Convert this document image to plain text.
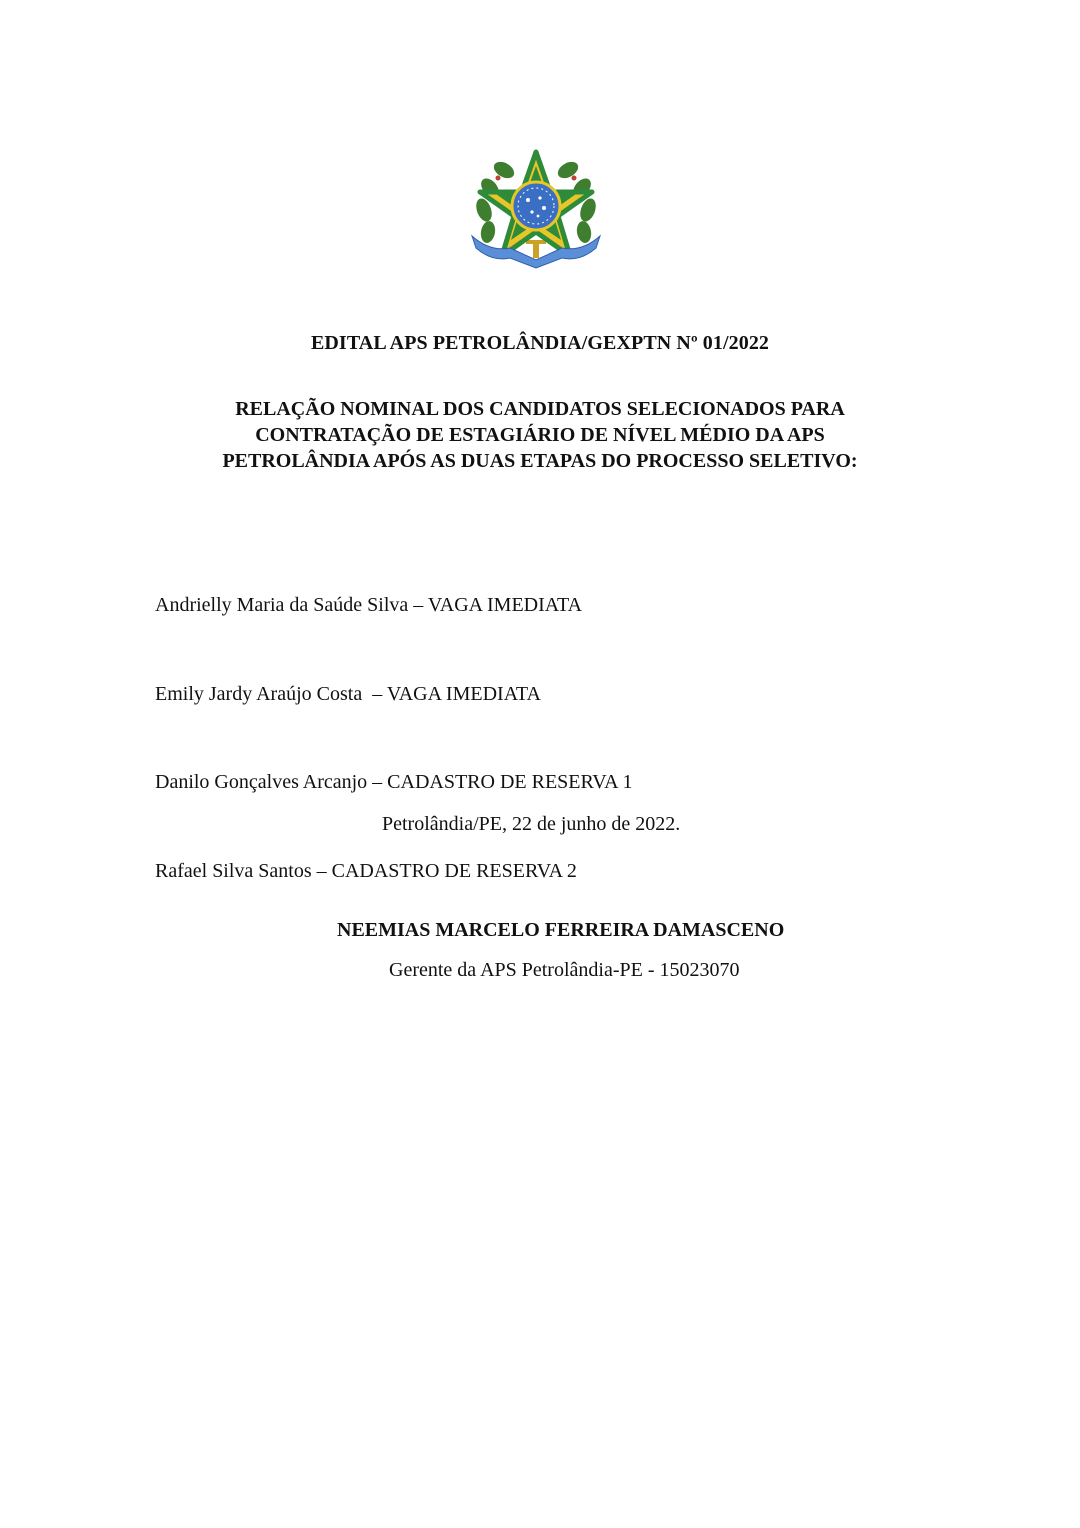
EDITAL APS PETROLÂNDIA/GEXPTN Nº 01/2022
RELAÇÃO NOMINAL DOS CANDIDATOS SELECIONADOS PARA
CONTRATAÇÃO DE ESTAGIÁRIO DE NÍVEL MÉDIO DA APS
PETROLÂNDIA APÓS AS DUAS ETAPAS DO PROCESSO SELETIVO:

Andrielly Maria da Saúde Silva – VAGA IMEDIATA

Emily Jardy Araújo Costa  – VAGA IMEDIATA

Danilo Gonçalves Arcanjo – CADASTRO DE RESERVA 1

Rafael Silva Santos – CADASTRO DE RESERVA 2

Petrolândia/PE, 22 de junho de 2022.
NEEMIAS MARCELO FERREIRA DAMASCENO
Gerente da APS Petrolândia-PE - 15023070
